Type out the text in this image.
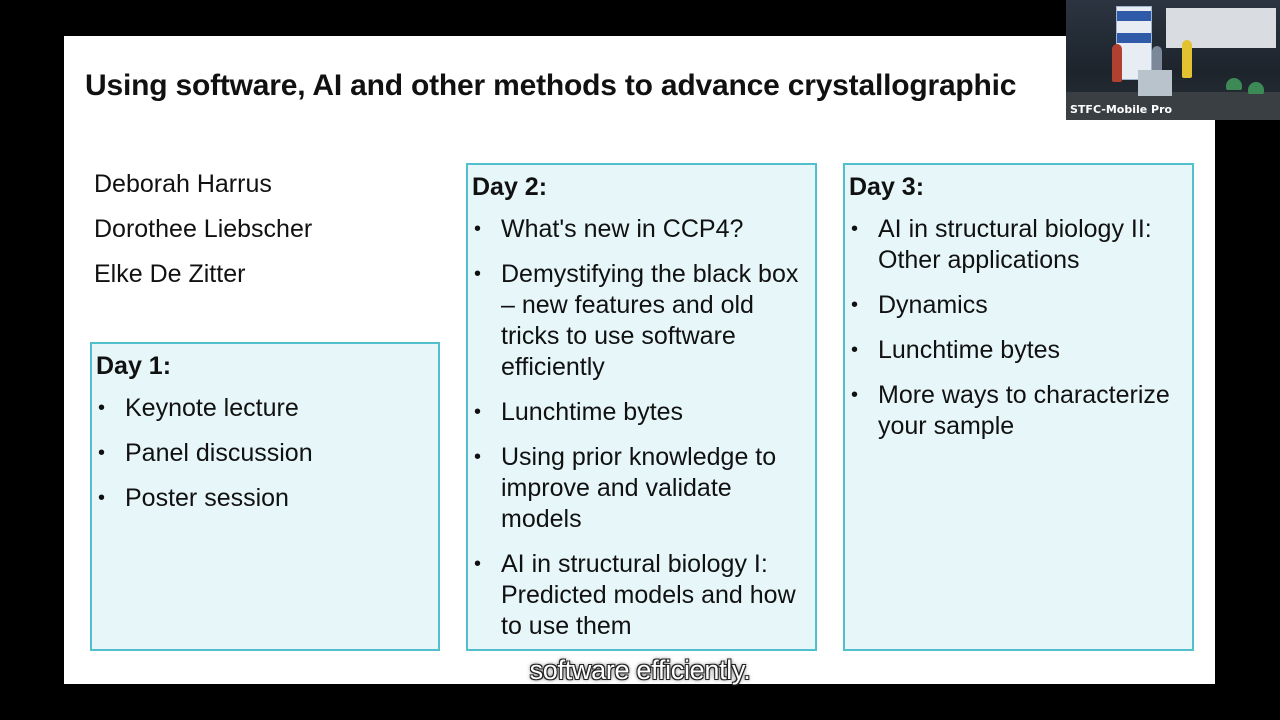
Using software, AI and other methods to advance crystallographic
Deborah Harrus
Dorothee Liebscher
Elke De Zitter
Day 1:
• Keynote lecture
• Panel discussion
• Poster session
Day 2:
• What's new in CCP4?
• Demystifying the black box – new features and old tricks to use software efficiently
• Lunchtime bytes
• Using prior knowledge to improve and validate models
• AI in structural biology I: Predicted models and how to use them
Day 3:
• AI in structural biology II: Other applications
• Dynamics
• Lunchtime bytes
• More ways to characterize your sample
STFC-Mobile Pro
software efficiently.
